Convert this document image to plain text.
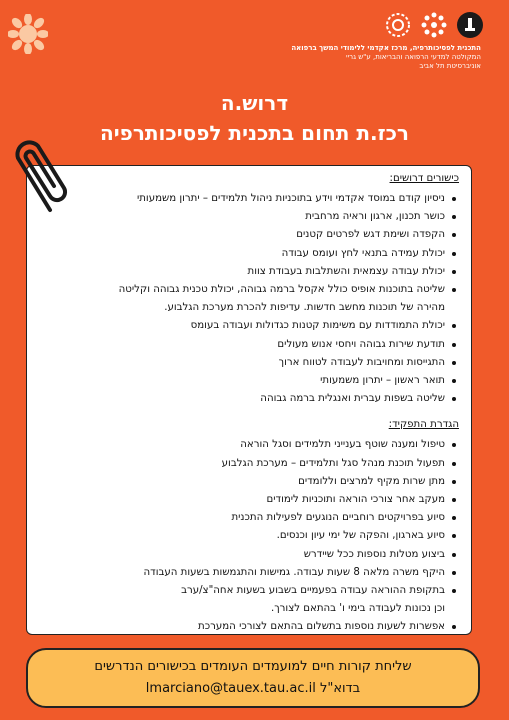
התכנית לפסיכותרפיה, מרכז אקדמי ללימודי המשך ברפואה
המקולטה למדעי הרפואה והבריאות, ע"ש גריי
אוניברסיטת תל אביב
דרוש.ה
רכז.ת תחום בתכנית לפסיכותרפיה
כישורים דרושים:
ניסיון קודם במוסד אקדמי וידע בתוכניות ניהול תלמידים – יתרון משמעותי
כושר תכנון, ארגון וראיה מרחבית
הקפדה ושימת דגש לפרטים קטנים
יכולת עמידה בתנאי לחץ ועומס עבודה
יכולת עבודה עצמאית והשתלבות בעבודת צוות
שליטה בתוכנות אופיס כולל אקסל ברמה גבוהה, יכולת טכנית גבוהה וקליטה
מהירה של תוכנות מחשב חדשות. עדיפות להכרת מערכת הגלבוע.
יכולת התמודדות עם משימות קטנות כגדולות ועבודה בעומס
תודעת שירות גבוהה ויחסי אנוש מעולים
התגייסות ומחויבות לעבודה לטווח ארוך
תואר ראשון – יתרון משמעותי
שליטה בשפות עברית ואנגלית ברמה גבוהה
הגדרת התפקיד:
טיפול ומענה שוטף בענייני תלמידים וסגל הוראה
תפעול תוכנת מנהל סגל ותלמידים – מערכת הגלבוע
מתן שרות מקיף למרצים וללומדים
מעקב אחר צורכי הוראה ותוכניות לימודים
סיוע בפרויקטים רוחביים הנוגעים לפעילות התכנית
סיוע בארגון, והפקה של ימי עיון וכנסים.
ביצוע מטלות נוספות ככל שיידרש
היקף משרה מלאה 8 שעות עבודה. גמישות והתגמשות בשעות העבודה
בתקופת ההוראה עבודה בפעמיים בשבוע בשעות אחה"צ/ערב
וכן נכונות לעבודה בימי ו' בהתאם לצורך.
אפשרות לשעות נוספות בתשלום בהתאם לצורכי המערכת
שליחת קורות חיים למועמדים העומדים בכישורים הנדרשים
בדוא"ל lmarciano@tauex.tau.ac.il
